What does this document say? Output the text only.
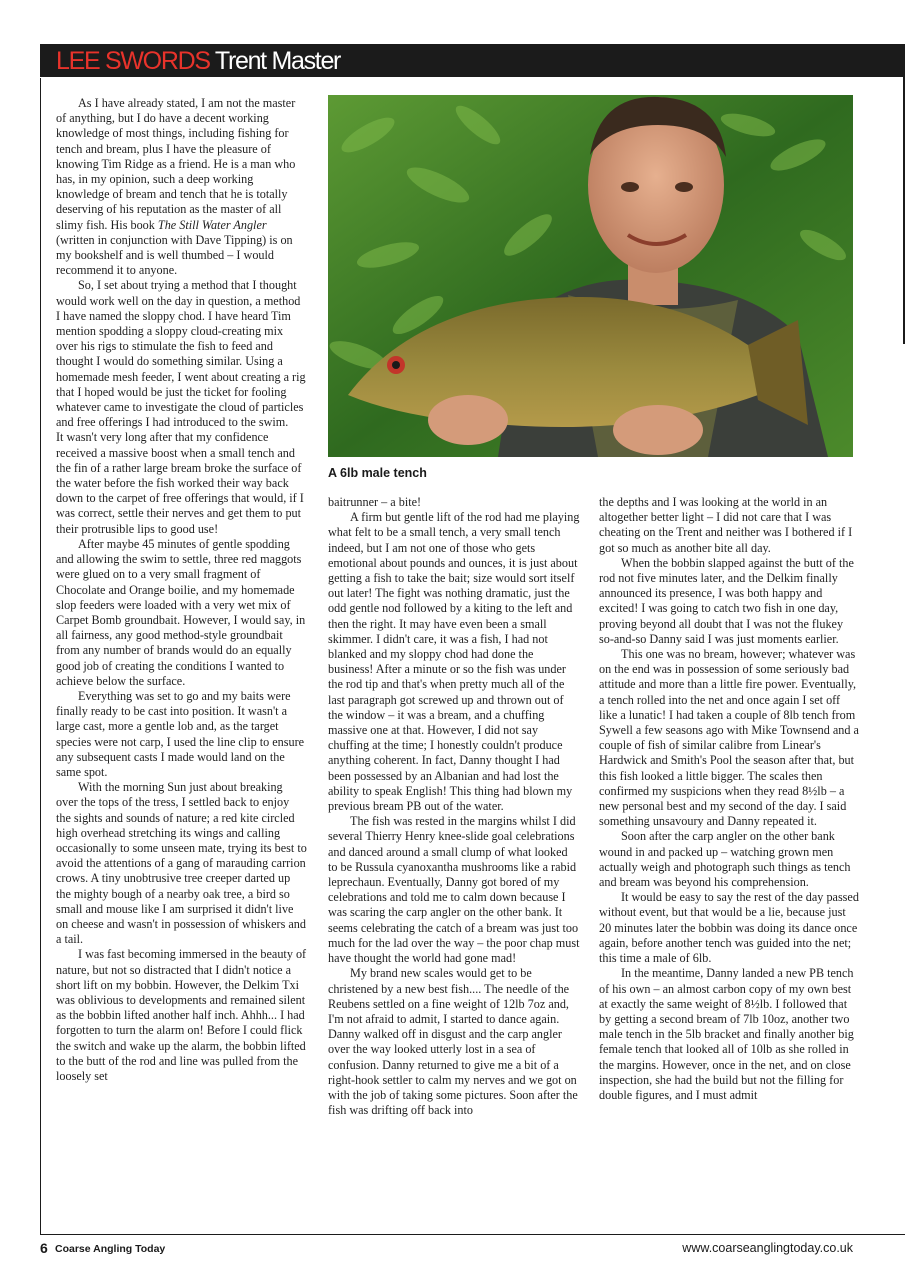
LEE SWORDS Trent Master

As I have already stated, I am not the master of anything, but I do have a decent working knowledge of most things, including fishing for tench and bream, plus I have the pleasure of knowing Tim Ridge as a friend. He is a man who has, in my opinion, such a deep working knowledge of bream and tench that he is totally deserving of his reputation as the master of all slimy fish. His book The Still Water Angler (written in conjunction with Dave Tipping) is on my bookshelf and is well thumbed – I would recommend it to anyone.

So, I set about trying a method that I thought would work well on the day in question, a method I have named the sloppy chod. I have heard Tim mention spodding a sloppy cloud-creating mix over his rigs to stimulate the fish to feed and thought I would do something similar. Using a homemade mesh feeder, I went about creating a rig that I hoped would be just the ticket for fooling whatever came to investigate the cloud of particles and free offerings I had introduced to the swim.

It wasn't very long after that my confidence received a massive boost when a small tench and the fin of a rather large bream broke the surface of the water before the fish worked their way back down to the carpet of free offerings that would, if I was correct, settle their nerves and get them to put their protrusible lips to good use!

After maybe 45 minutes of gentle spodding and allowing the swim to settle, three red maggots were glued on to a very small fragment of Chocolate and Orange boilie, and my homemade slop feeders were loaded with a very wet mix of Carpet Bomb groundbait. However, I would say, in all fairness, any good method-style groundbait from any number of brands would do an equally good job of creating the conditions I wanted to achieve below the surface.

Everything was set to go and my baits were finally ready to be cast into position. It wasn't a large cast, more a gentle lob and, as the target species were not carp, I used the line clip to ensure any subsequent casts I made would land on the same spot.

With the morning Sun just about breaking over the tops of the tress, I settled back to enjoy the sights and sounds of nature; a red kite circled high overhead stretching its wings and calling occasionally to some unseen mate, trying its best to avoid the attentions of a gang of marauding carrion crows. A tiny unobtrusive tree creeper darted up the mighty bough of a nearby oak tree, a bird so small and mouse like I am surprised it didn't live on cheese and wasn't in possession of whiskers and a tail.

I was fast becoming immersed in the beauty of nature, but not so distracted that I didn't notice a short lift on my bobbin. However, the Delkim Txi was oblivious to developments and remained silent as the bobbin lifted another half inch. Ahhh... I had forgotten to turn the alarm on! Before I could flick the switch and wake up the alarm, the bobbin lifted to the butt of the rod and line was pulled from the loosely set

A 6lb male tench

baitrunner – a bite!

A firm but gentle lift of the rod had me playing what felt to be a small tench, a very small tench indeed, but I am not one of those who gets emotional about pounds and ounces, it is just about getting a fish to take the bait; size would sort itself out later! The fight was nothing dramatic, just the odd gentle nod followed by a kiting to the left and then the right. It may have even been a small skimmer. I didn't care, it was a fish, I had not blanked and my sloppy chod had done the business! After a minute or so the fish was under the rod tip and that's when pretty much all of the last paragraph got screwed up and thrown out of the window – it was a bream, and a chuffing massive one at that. However, I did not say chuffing at the time; I honestly couldn't produce anything coherent. In fact, Danny thought I had been possessed by an Albanian and had lost the ability to speak English! This thing had blown my previous bream PB out of the water.

The fish was rested in the margins whilst I did several Thierry Henry knee-slide goal celebrations and danced around a small clump of what looked to be Russula cyanoxantha mushrooms like a rabid leprechaun. Eventually, Danny got bored of my celebrations and told me to calm down because I was scaring the carp angler on the other bank. It seems celebrating the catch of a bream was just too much for the lad over the way – the poor chap must have thought the world had gone mad!

My brand new scales would get to be christened by a new best fish.... The needle of the Reubens settled on a fine weight of 12lb 7oz and, I'm not afraid to admit, I started to dance again. Danny walked off in disgust and the carp angler over the way looked utterly lost in a sea of confusion. Danny returned to give me a bit of a right-hook settler to calm my nerves and we got on with the job of taking some pictures. Soon after the fish was drifting off back into

the depths and I was looking at the world in an altogether better light – I did not care that I was cheating on the Trent and neither was I bothered if I got so much as another bite all day.

When the bobbin slapped against the butt of the rod not five minutes later, and the Delkim finally announced its presence, I was both happy and excited! I was going to catch two fish in one day, proving beyond all doubt that I was not the flukey so-and-so Danny said I was just moments earlier.

This one was no bream, however; whatever was on the end was in possession of some seriously bad attitude and more than a little fire power. Eventually, a tench rolled into the net and once again I set off like a lunatic! I had taken a couple of 8lb tench from Sywell a few seasons ago with Mike Townsend and a couple of fish of similar calibre from Linear's Hardwick and Smith's Pool the season after that, but this fish looked a little bigger. The scales then confirmed my suspicions when they read 8½lb – a new personal best and my second of the day. I said something unsavoury and Danny repeated it.

Soon after the carp angler on the other bank wound in and packed up – watching grown men actually weigh and photograph such things as tench and bream was beyond his comprehension.

It would be easy to say the rest of the day passed without event, but that would be a lie, because just 20 minutes later the bobbin was doing its dance once again, before another tench was guided into the net; this time a male of 6lb.

In the meantime, Danny landed a new PB tench of his own – an almost carbon copy of my own best at exactly the same weight of 8½lb. I followed that by getting a second bream of 7lb 10oz, another two male tench in the 5lb bracket and finally another big female tench that looked all of 10lb as she rolled in the margins. However, once in the net, and on close inspection, she had the build but not the filling for double figures, and I must admit

6 Coarse Angling Today	www.coarseanglingtoday.co.uk
